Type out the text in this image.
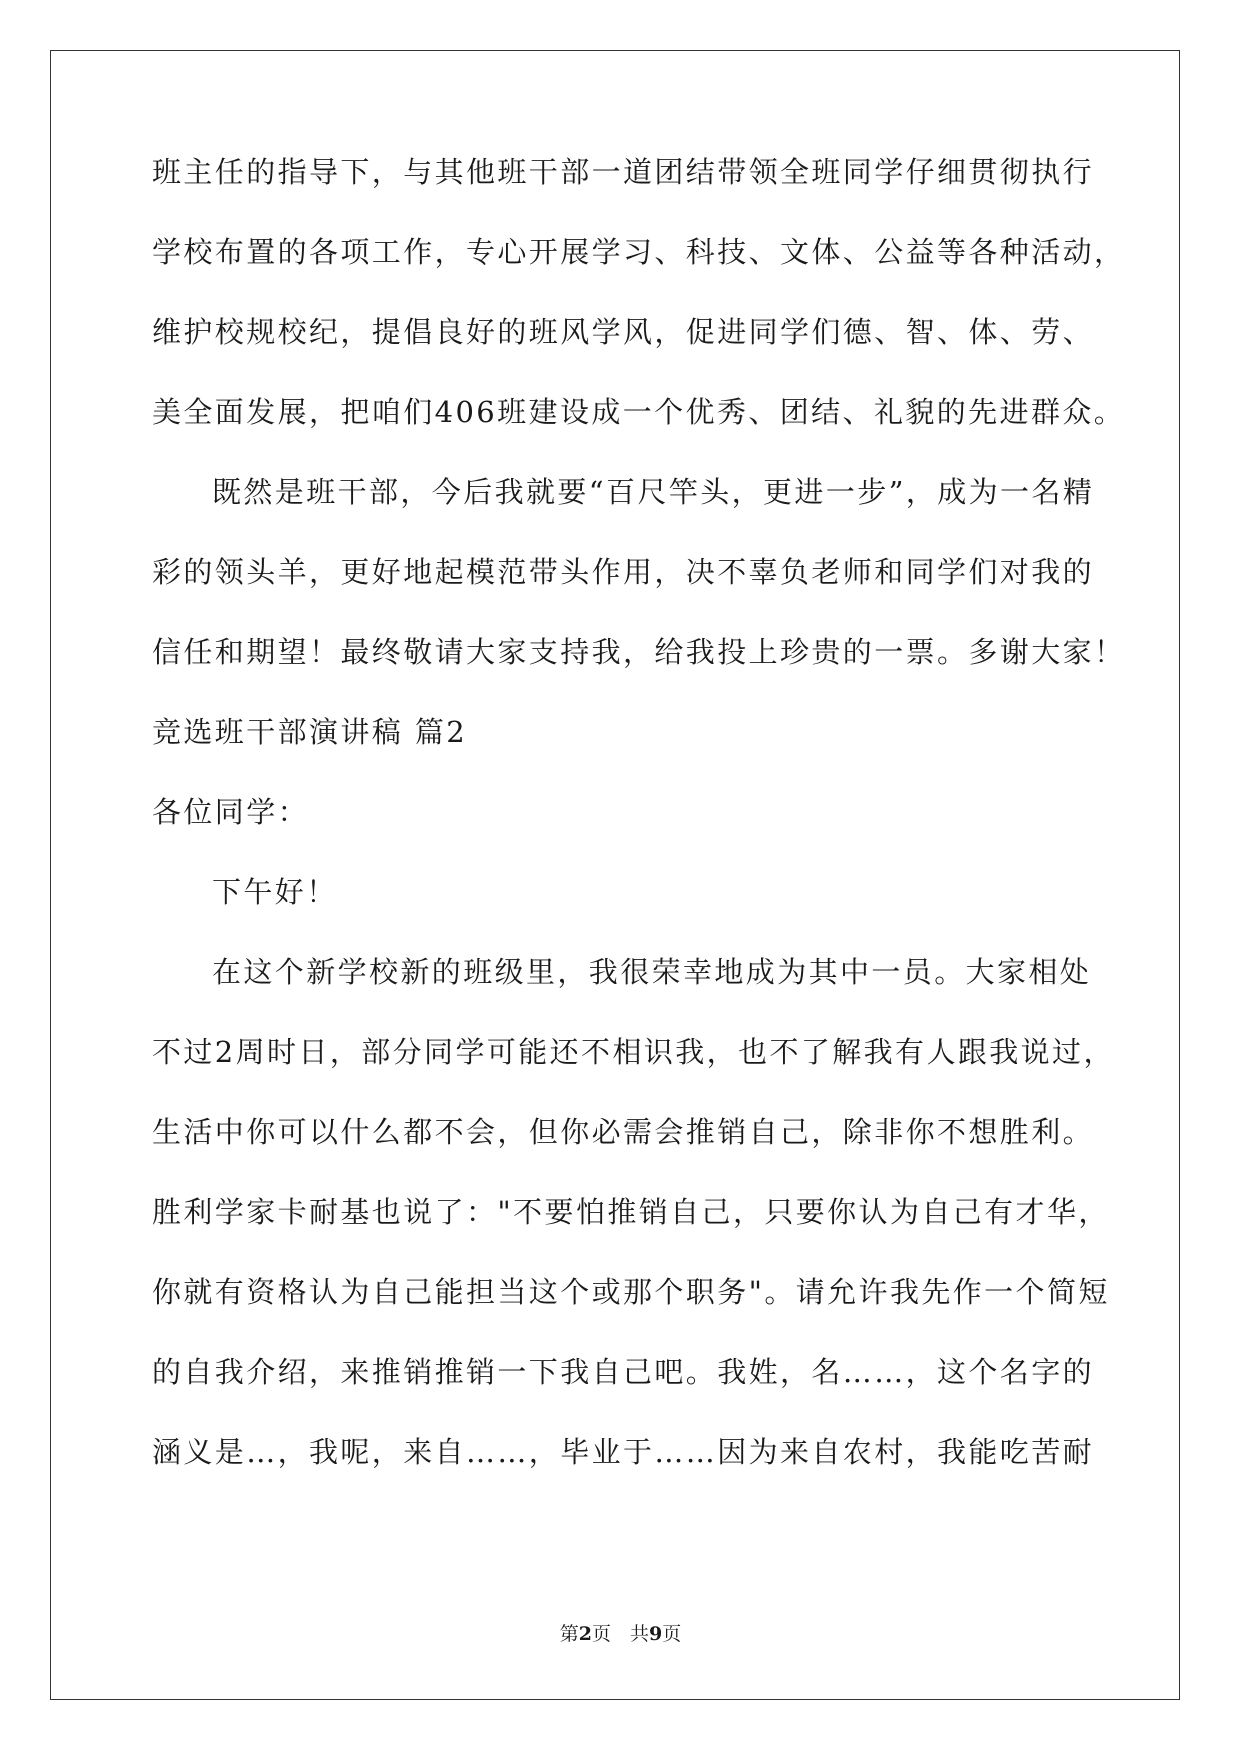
班主任的指导下，与其他班干部一道团结带领全班同学仔细贯彻执行
学校布置的各项工作，专心开展学习、科技、文体、公益等各种活动，
维护校规校纪，提倡良好的班风学风，促进同学们德、智、体、劳、
美全面发展，把咱们406班建设成一个优秀、团结、礼貌的先进群众。
既然是班干部，今后我就要“百尺竿头，更进一步”，成为一名精
彩的领头羊，更好地起模范带头作用，决不辜负老师和同学们对我的
信任和期望！最终敬请大家支持我，给我投上珍贵的一票。多谢大家！
竞选班干部演讲稿 篇2
各位同学：
下午好！
在这个新学校新的班级里，我很荣幸地成为其中一员。大家相处
不过2周时日，部分同学可能还不相识我，也不了解我有人跟我说过，
生活中你可以什么都不会，但你必需会推销自己，除非你不想胜利。
胜利学家卡耐基也说了："不要怕推销自己，只要你认为自己有才华，
你就有资格认为自己能担当这个或那个职务"。请允许我先作一个简短
的自我介绍，来推销推销一下我自己吧。我姓，名……，这个名字的
涵义是…，我呢，来自……，毕业于……因为来自农村，我能吃苦耐
第2页　共9页
